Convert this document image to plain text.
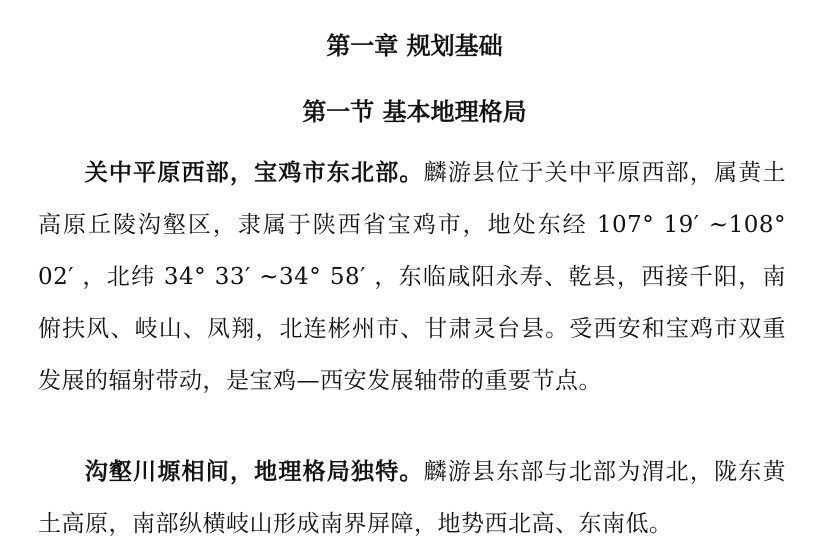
第一章 规划基础
第一节 基本地理格局

关中平原西部，宝鸡市东北部。麟游县位于关中平原西部，属黄土高原丘陵沟壑区，隶属于陕西省宝鸡市，地处东经 107° 19′ ~108° 02′ ，北纬 34° 33′ ~34° 58′ ，东临咸阳永寿、乾县，西接千阳，南俯扶风、岐山、凤翔，北连彬州市、甘肃灵台县。受西安和宝鸡市双重发展的辐射带动，是宝鸡—西安发展轴带的重要节点。

沟壑川塬相间，地理格局独特。麟游县东部与北部为渭北，陇东黄土高原，南部纵横岐山形成南界屏障，地势西北高、东南低。
